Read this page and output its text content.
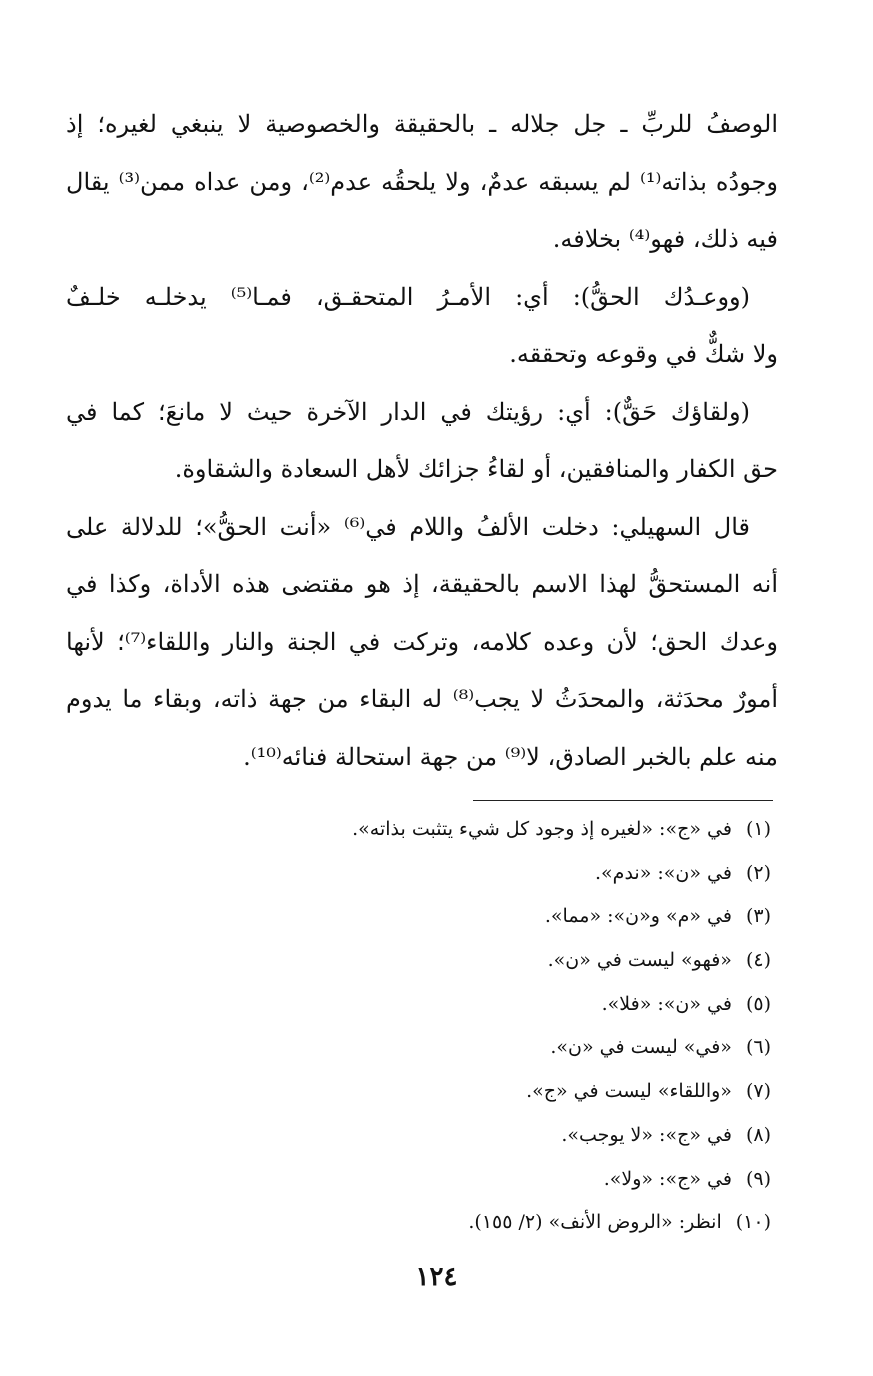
الوصفُ للربِّ ـ جل جلاله ـ بالحقيقة والخصوصية لا ينبغي لغيره؛ إذ
وجودُه بذاته⁽¹⁾ لم يسبقه عدمٌ، ولا يلحقُه عدم⁽²⁾، ومن عداه ممن⁽³⁾ يقال
فيه ذلك، فهو⁽⁴⁾ بخلافه.
(ووعـدُك الحقُّ): أي: الأمـرُ المتحقـق، فمـا⁽⁵⁾ يدخلـه خلـفٌ
ولا شكٌّ في وقوعه وتحققه.
(ولقاؤك حَقٌّ): أي: رؤيتك في الدار الآخرة حيث لا مانعَ؛ كما في
حق الكفار والمنافقين، أو لقاءُ جزائك لأهل السعادة والشقاوة.
قال السهيلي: دخلت الألفُ واللام في⁽⁶⁾ «أنت الحقُّ»؛ للدلالة على
أنه المستحقُّ لهذا الاسم بالحقيقة، إذ هو مقتضى هذه الأداة، وكذا في
وعدك الحق؛ لأن وعده كلامه، وتركت في الجنة والنار واللقاء⁽⁷⁾؛ لأنها
أمورٌ محدَثة، والمحدَثُ لا يجب⁽⁸⁾ له البقاء من جهة ذاته، وبقاء ما يدوم
منه علم بالخبر الصادق، لا⁽⁹⁾ من جهة استحالة فنائه⁽¹⁰⁾.
(١)في «ج»: «لغيره إذ وجود كل شيء يتثبت بذاته».
(٢)في «ن»: «ندم».
(٣)في «م» و«ن»: «مما».
(٤)«فهو» ليست في «ن».
(٥)في «ن»: «فلا».
(٦)«في» ليست في «ن».
(٧)«واللقاء» ليست في «ج».
(٨)في «ج»: «لا يوجب».
(٩)في «ج»: «ولا».
(١٠)انظر: «الروض الأنف» (٢/ ١٥٥).
١٢٤
